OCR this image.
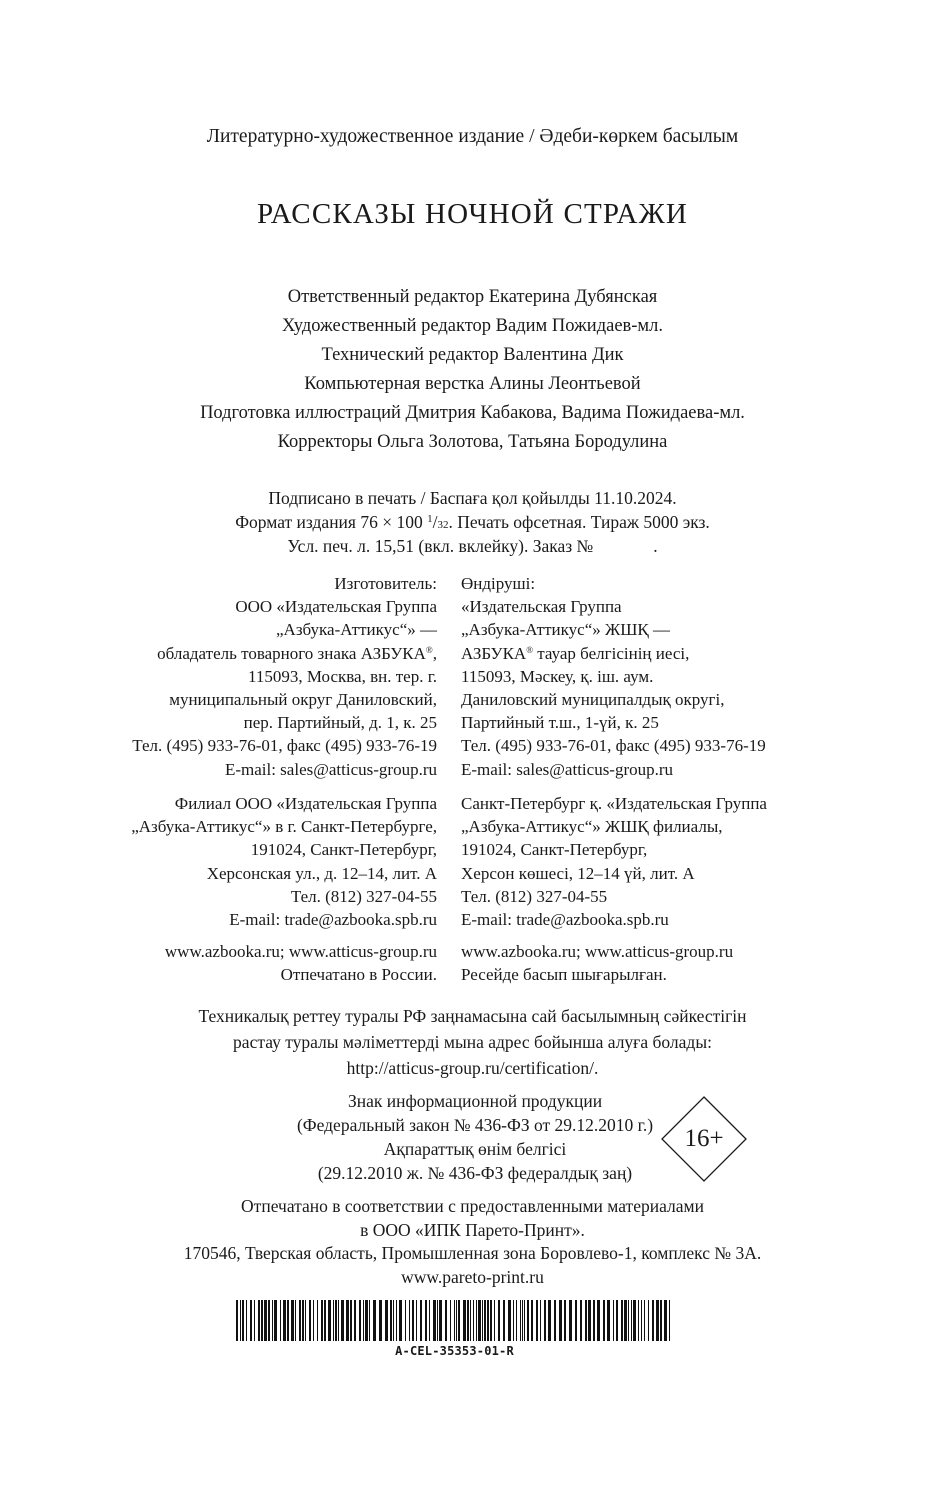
Литературно-художественное издание / Әдеби-көркем басылым
РАССКАЗЫ НОЧНОЙ СТРАЖИ
Ответственный редактор Екатерина Дубянская
Художественный редактор Вадим Пожидаев-мл.
Технический редактор Валентина Дик
Компьютерная верстка Алины Леонтьевой
Подготовка иллюстраций Дмитрия Кабакова, Вадима Пожидаева-мл.
Корректоры Ольга Золотова, Татьяна Бородулина
Подписано в печать / Баспаға қол қойылды 11.10.2024.
Формат издания 76 × 100 $^1$/32. Печать офсетная. Тираж 5000 экз.
Усл. печ. л. 15,51 (вкл. вклейку). Заказ №	.
Изготовитель:
ООО «Издательская Группа
„Азбука-Аттикус“» —
обладатель товарного знака АЗБУКА®,
115093, Москва, вн. тер. г.
муниципальный округ Даниловский,
пер. Партийный, д. 1, к. 25
Тел. (495) 933-76-01, факс (495) 933-76-19
E-mail: sales@atticus-group.ru
Филиал ООО «Издательская Группа
„Азбука-Аттикус“» в г. Санкт-Петербурге,
191024, Санкт-Петербург,
Херсонская ул., д. 12–14, лит. А
Тел. (812) 327-04-55
E-mail: trade@azbooka.spb.ru
www.azbooka.ru; www.atticus-group.ru
Отпечатано в России.
Өндіруші:
«Издательская Группа
„Азбука-Аттикус“» ЖШҚ —
АЗБУКА® тауар белгісінің иесі,
115093, Мәскеу, қ. іш. аум.
Даниловский муниципалдық округі,
Партийный т.ш., 1-үй, к. 25
Тел. (495) 933-76-01, факс (495) 933-76-19
E-mail: sales@atticus-group.ru
Санкт-Петербург қ. «Издательская Группа
„Азбука-Аттикус“» ЖШҚ филиалы,
191024, Санкт-Петербург,
Херсон көшесі, 12–14 үй, лит. А
Тел. (812) 327-04-55
E-mail: trade@azbooka.spb.ru
www.azbooka.ru; www.atticus-group.ru
Ресейде басып шығарылған.
Техникалық реттеу туралы РФ заңнамасына сай басылымның сәйкестігін
растау туралы мәліметтерді мына адрес бойынша алуға болады:
http://atticus-group.ru/certification/.
Знак информационной продукции
(Федеральный закон № 436-ФЗ от 29.12.2010 г.)
Ақпараттық өнім белгісі
(29.12.2010 ж. № 436-ФЗ федералдық заң)
16+
Отпечатано в соответствии с предоставленными материалами
в ООО «ИПК Парето-Принт».
170546, Тверская область, Промышленная зона Боровлево-1, комплекс № 3А.
www.pareto-print.ru
A-CEL-35353-01-R
